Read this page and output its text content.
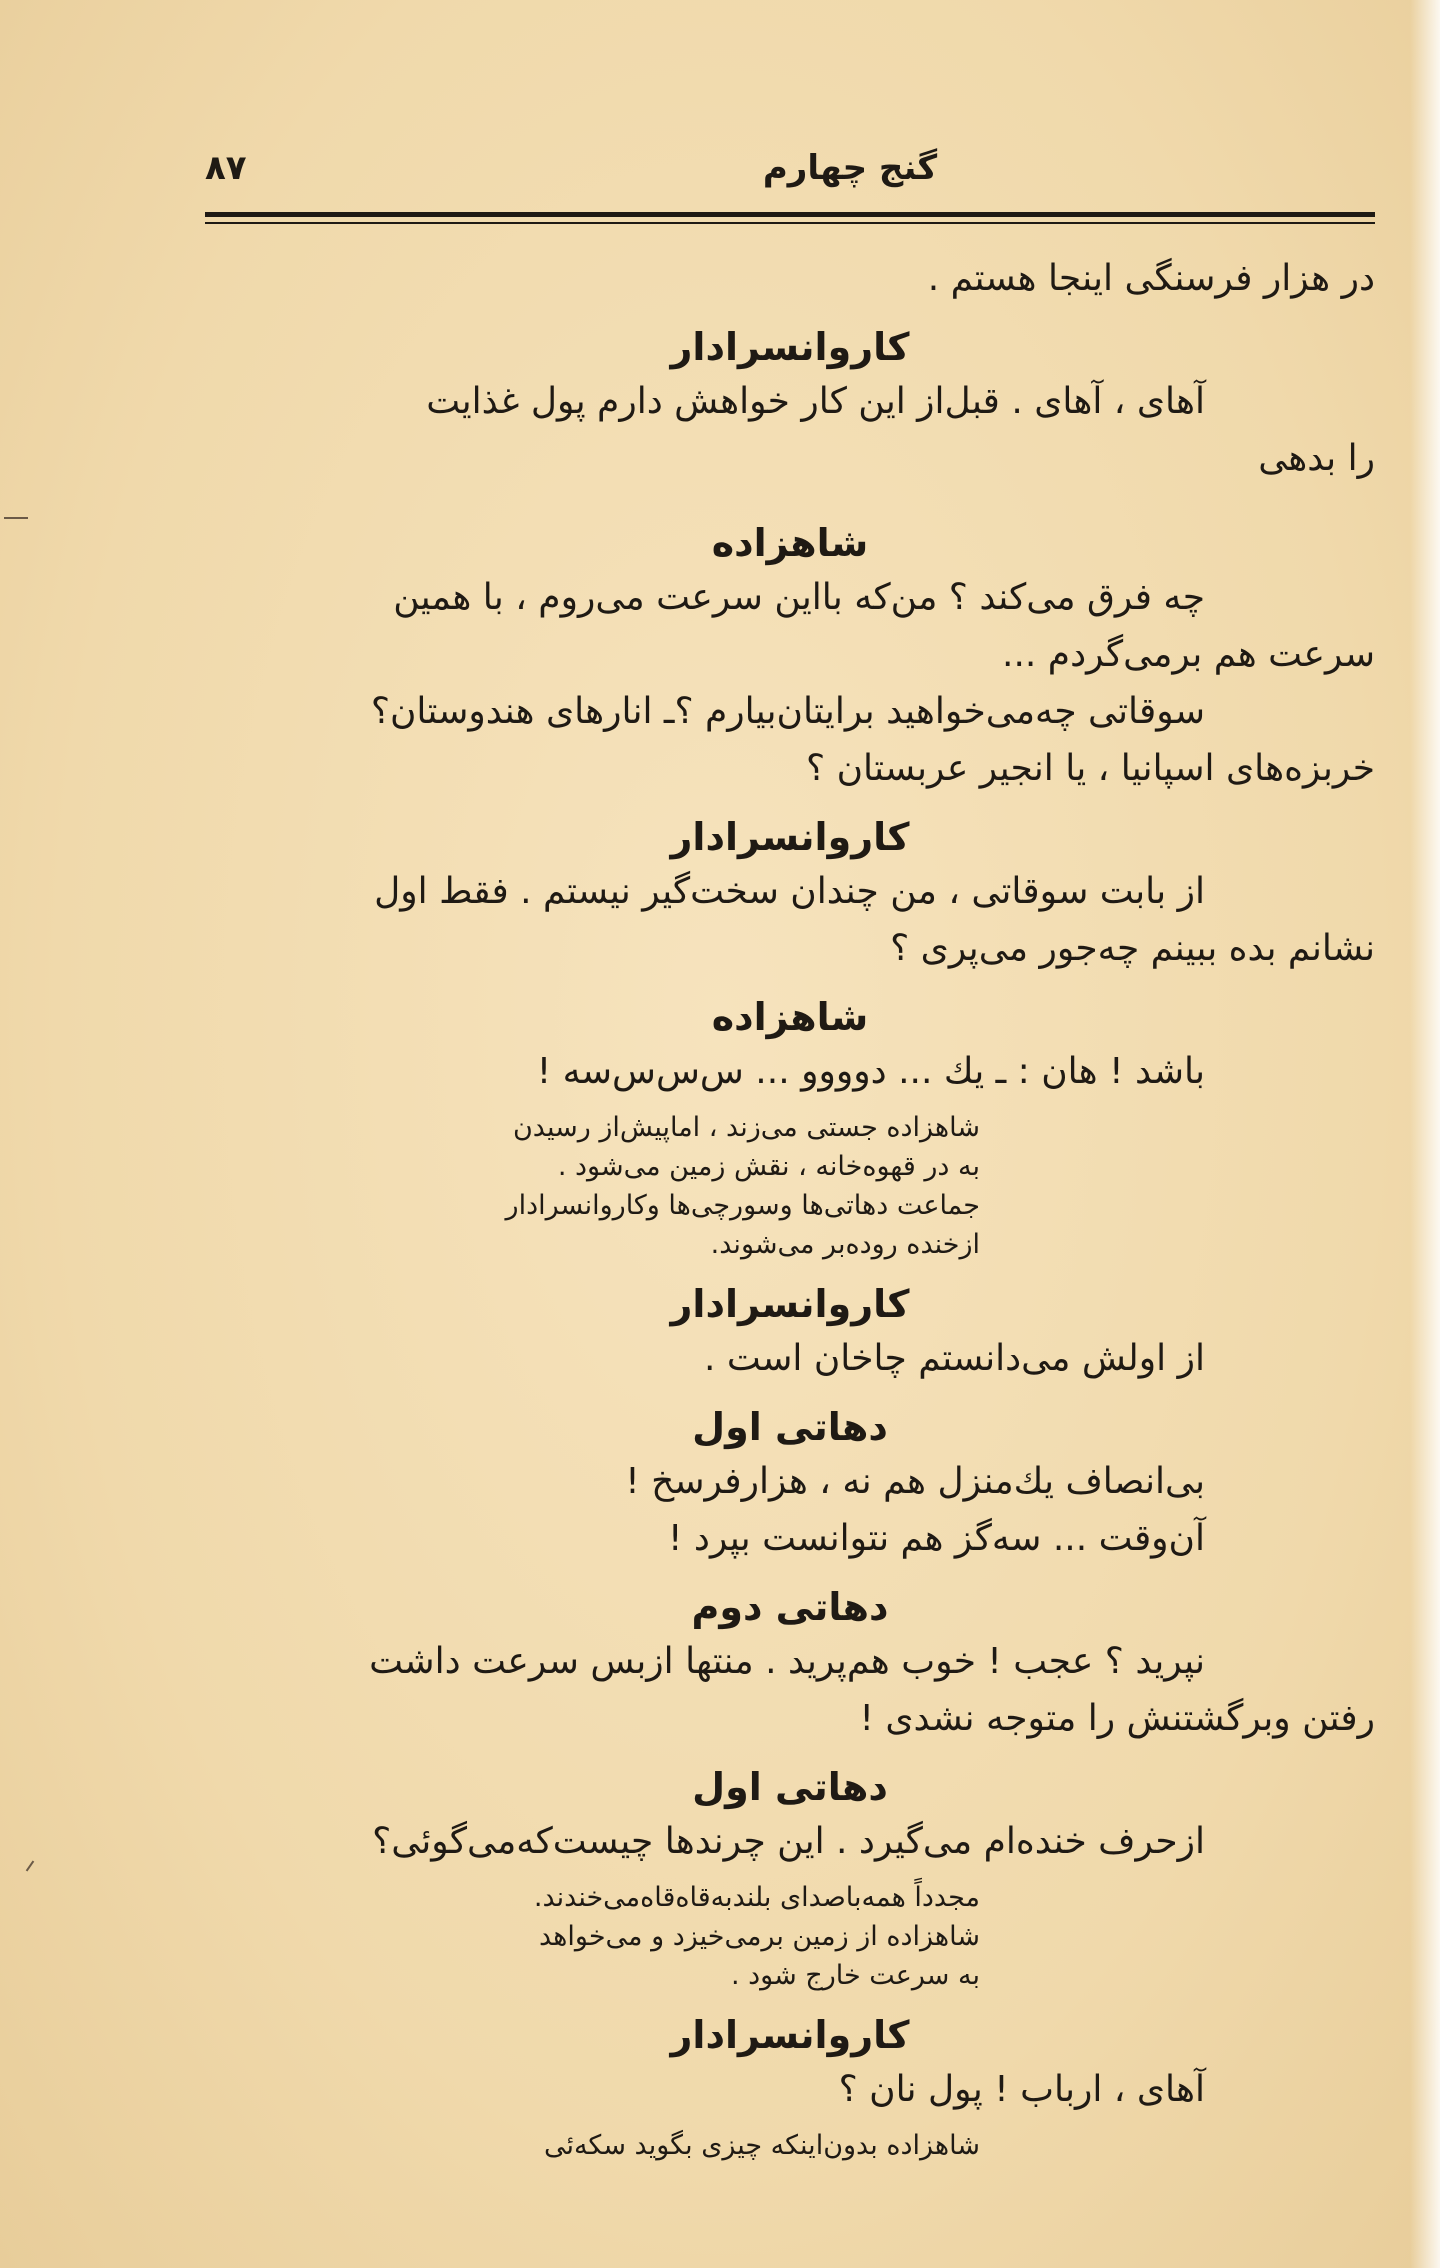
۸۷	گنج چهارم
در هزار فرسنگی اینجا هستم .
کاروانسرادار
آهای ، آهای . قبل‌از این کار خواهش دارم پول غذایت
را بدهی
شاهزاده
چه فرق می‌کند ؟ من‌که بااین سرعت می‌روم ، با همین
سرعت هم برمی‌گردم ...
سوقاتی چه‌می‌خواهید برایتان‌بیارم ؟ـ انارهای هندوستان؟
خربزه‌های اسپانیا ، یا انجیر عربستان ؟
کاروانسرادار
از بابت سوقاتی ، من چندان سخت‌گیر نیستم . فقط اول
نشانم بده ببینم چه‌جور می‌پری ؟
شاهزاده
باشد ! هان : ـ یك ... دوووو ... س‌س‌س‌سه !
شاهزاده جستی می‌زند ، اماپیش‌از رسیدن
به در قهوه‌خانه ، نقش زمین می‌شود .
جماعت دهاتی‌ها وسورچی‌ها وکاروانسرادار
ازخنده روده‌بر می‌شوند.
کاروانسرادار
از اولش می‌دانستم چاخان است .
دهاتی اول
بی‌انصاف یك‌منزل هم نه ، هزارفرسخ !
آن‌وقت ... سه‌گز هم نتوانست بپرد !
دهاتی دوم
نپرید ؟ عجب ! خوب هم‌پرید . منتها ازبس سرعت داشت
رفتن وبرگشتنش را متوجه نشدی !
دهاتی اول
ازحرف خنده‌ام می‌گیرد . این چرندها چیست‌که‌می‌گوئی؟
مجدداً همه‌باصدای بلندبه‌قاه‌قاه‌می‌خندند.
شاهزاده از زمین برمی‌خیزد و می‌خواهد
به سرعت خارج شود .
کاروانسرادار
آهای ، ارباب ! پول نان ؟
شاهزاده بدون‌اینکه چیزی بگوید سکه‌ئی
